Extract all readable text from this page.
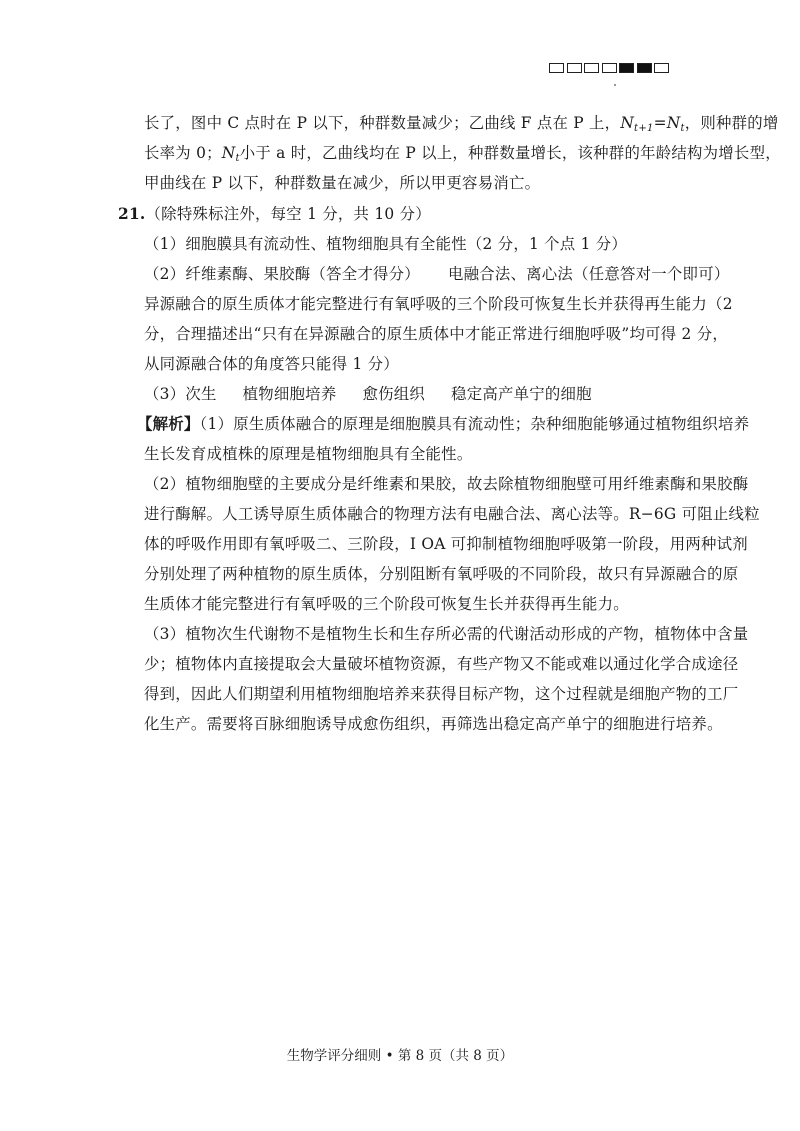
长了，图中 C 点时在 P 以下，种群数量减少；乙曲线 F 点在 P 上，$N_{t+1}=N_t$，则种群的增
长率为 0；$N_t$小于 a 时，乙曲线均在 P 以上，种群数量增长，该种群的年龄结构为增长型，
甲曲线在 P 以下，种群数量在减少，所以甲更容易消亡。
21.（除特殊标注外，每空 1 分，共 10 分）
（1）细胞膜具有流动性、植物细胞具有全能性（2 分，1 个点 1 分）
（2）纤维素酶、果胶酶（答全才得分） 电融合法、离心法（任意答对一个即可）
异源融合的原生质体才能完整进行有氧呼吸的三个阶段可恢复生长并获得再生能力（2
分，合理描述出“只有在异源融合的原生质体中才能正常进行细胞呼吸”均可得 2 分，
从同源融合体的角度答只能得 1 分）
（3）次生 植物细胞培养 愈伤组织 稳定高产单宁的细胞
【解析】（1）原生质体融合的原理是细胞膜具有流动性；杂种细胞能够通过植物组织培养
生长发育成植株的原理是植物细胞具有全能性。
（2）植物细胞壁的主要成分是纤维素和果胶，故去除植物细胞壁可用纤维素酶和果胶酶
进行酶解。人工诱导原生质体融合的物理方法有电融合法、离心法等。R−6G 可阻止线粒
体的呼吸作用即有氧呼吸二、三阶段，I OA 可抑制植物细胞呼吸第一阶段，用两种试剂
分别处理了两种植物的原生质体，分别阻断有氧呼吸的不同阶段，故只有异源融合的原
生质体才能完整进行有氧呼吸的三个阶段可恢复生长并获得再生能力。
（3）植物次生代谢物不是植物生长和生存所必需的代谢活动形成的产物，植物体中含量
少；植物体内直接提取会大量破坏植物资源，有些产物又不能或难以通过化学合成途径
得到，因此人们期望利用植物细胞培养来获得目标产物，这个过程就是细胞产物的工厂
化生产。需要将百脉细胞诱导成愈伤组织，再筛选出稳定高产单宁的细胞进行培养。
生物学评分细则 • 第 8 页（共 8 页）
